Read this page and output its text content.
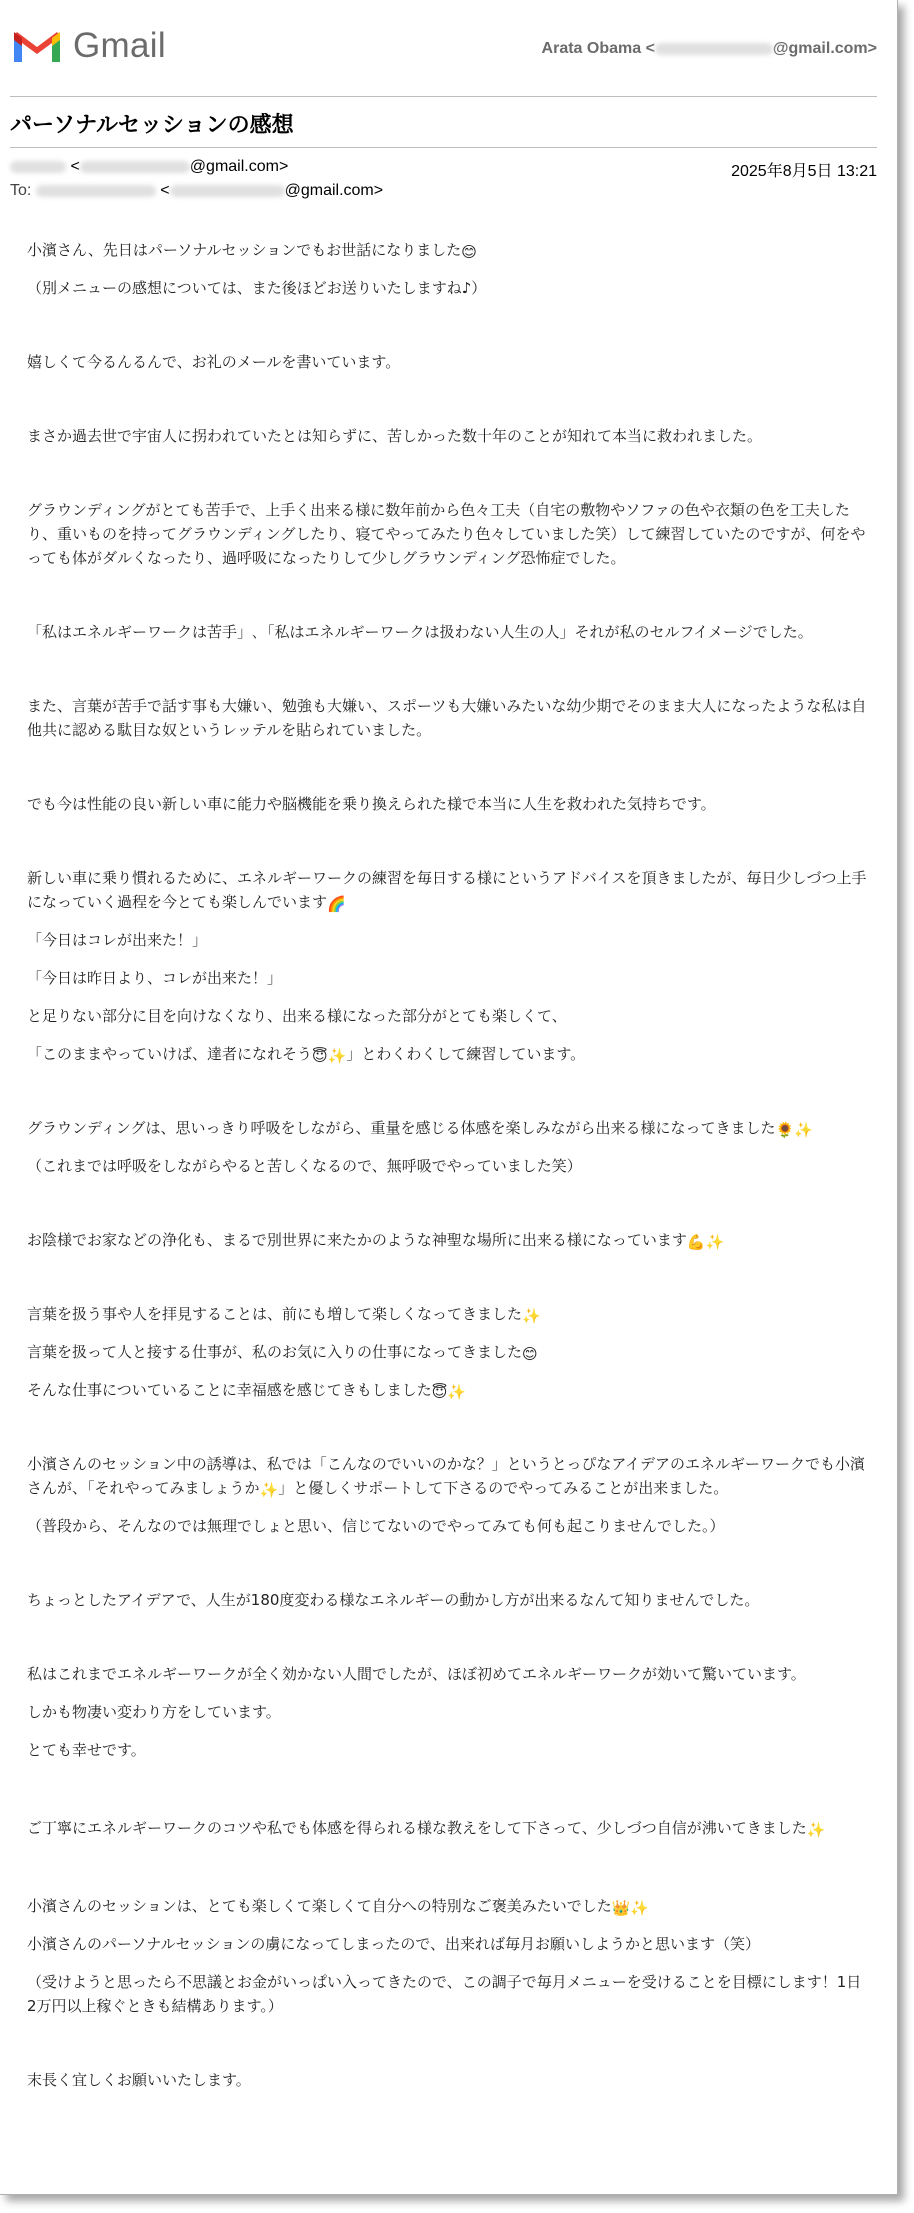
Gmail	Arata Obama <	@gmail.com>
パーソナルセッションの感想
<	@gmail.com>	2025年8月5日 13:21
To:	<	@gmail.com>

小濱さん、先日はパーソナルセッションでもお世話になりました😊

（別メニューの感想については、また後ほどお送りいたしますね♪）

嬉しくて今るんるんで、お礼のメールを書いています。

まさか過去世で宇宙人に拐われていたとは知らずに、苦しかった数十年のことが知れて本当に救われました。

グラウンディングがとても苦手で、上手く出来る様に数年前から色々工夫（自宅の敷物やソファの色や衣類の色を工夫したり、重いものを持ってグラウンディングしたり、寝てやってみたり色々していました笑）して練習していたのですが、何をやっても体がダルくなったり、過呼吸になったりして少しグラウンディング恐怖症でした。

「私はエネルギーワークは苦手」､「私はエネルギーワークは扱わない人生の人」それが私のセルフイメージでした。

また、言葉が苦手で話す事も大嫌い、勉強も大嫌い、スポーツも大嫌いみたいな幼少期でそのまま大人になったような私は自他共に認める駄目な奴というレッテルを貼られていました。

でも今は性能の良い新しい車に能力や脳機能を乗り換えられた様で本当に人生を救われた気持ちです。

新しい車に乗り慣れるために、エネルギーワークの練習を毎日する様にというアドバイスを頂きましたが、毎日少しづつ上手になっていく過程を今とても楽しんでいます🌈

「今日はコレが出来た！」

「今日は昨日より、コレが出来た！」

と足りない部分に目を向けなくなり、出来る様になった部分がとても楽しくて、

「このままやっていけば、達者になれそう😇✨」とわくわくして練習しています。

グラウンディングは、思いっきり呼吸をしながら、重量を感じる体感を楽しみながら出来る様になってきました🌻✨

（これまでは呼吸をしながらやると苦しくなるので、無呼吸でやっていました笑）

お陰様でお家などの浄化も、まるで別世界に来たかのような神聖な場所に出来る様になっています💪✨

言葉を扱う事や人を拝見することは、前にも増して楽しくなってきました✨

言葉を扱って人と接する仕事が、私のお気に入りの仕事になってきました😊

そんな仕事についていることに幸福感を感じてきもしました😇✨

小濱さんのセッション中の誘導は、私では「こんなのでいいのかな？」というとっぴなアイデアのエネルギーワークでも小濱さんが、「それやってみましょうか✨」と優しくサポートして下さるのでやってみることが出来ました。

（普段から、そんなのでは無理でしょと思い、信じてないのでやってみても何も起こりませんでした。）

ちょっとしたアイデアで、人生が180度変わる様なエネルギーの動かし方が出来るなんて知りませんでした。

私はこれまでエネルギーワークが全く効かない人間でしたが、ほぼ初めてエネルギーワークが効いて驚いています。

しかも物凄い変わり方をしています。

とても幸せです。

ご丁寧にエネルギーワークのコツや私でも体感を得られる様な教えをして下さって、少しづつ自信が沸いてきました✨

小濱さんのセッションは、とても楽しくて楽しくて自分への特別なご褒美みたいでした👑✨

小濱さんのパーソナルセッションの虜になってしまったので、出来れば毎月お願いしようかと思います（笑）

（受けようと思ったら不思議とお金がいっぱい入ってきたので、この調子で毎月メニューを受けることを目標にします！1日2万円以上稼ぐときも結構あります。）

末長く宜しくお願いいたします。
